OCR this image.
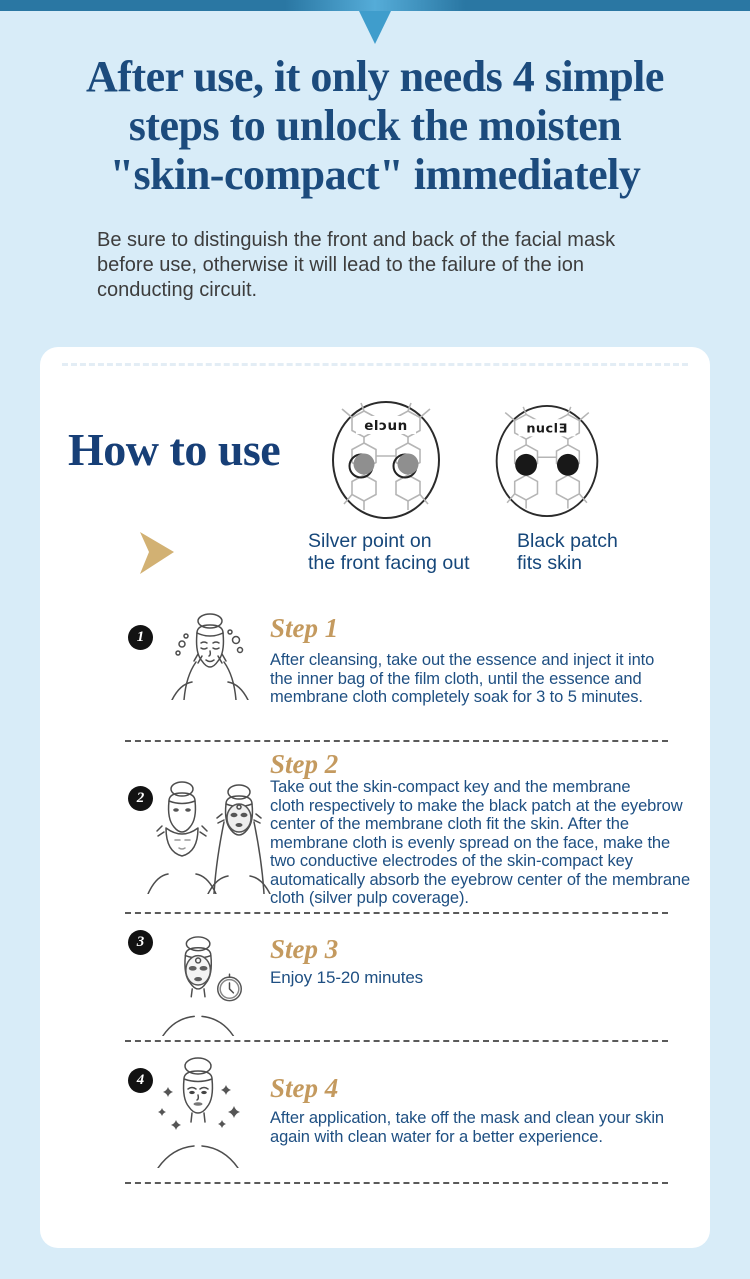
After use, it only needs 4 simple
steps to unlock the moisten
"skin-compact" immediately
Be sure to distinguish the front and back of the facial mask
before use, otherwise it will lead to the failure of the ion
conducting circuit.
How to use	elɔun	nuclƎ
Silver point on
the front facing out
Black patch
fits skin
1	Step 1
After cleansing, take out the essence and inject it into
the inner bag of the film cloth, until the essence and
membrane cloth completely soak for 3 to 5 minutes.
Step 2
2
Take out the skin-compact key and the membrane
cloth respectively to make the black patch at the eyebrow
center of the membrane cloth fit the skin. After the
membrane cloth is evenly spread on the face, make the
two conductive electrodes of the skin-compact key
automatically absorb the eyebrow center of the membrane
cloth (silver pulp coverage).
3	Step 3
Enjoy 15-20 minutes
4	Step 4
After application, take off the mask and clean your skin
again with clean water for a better experience.
